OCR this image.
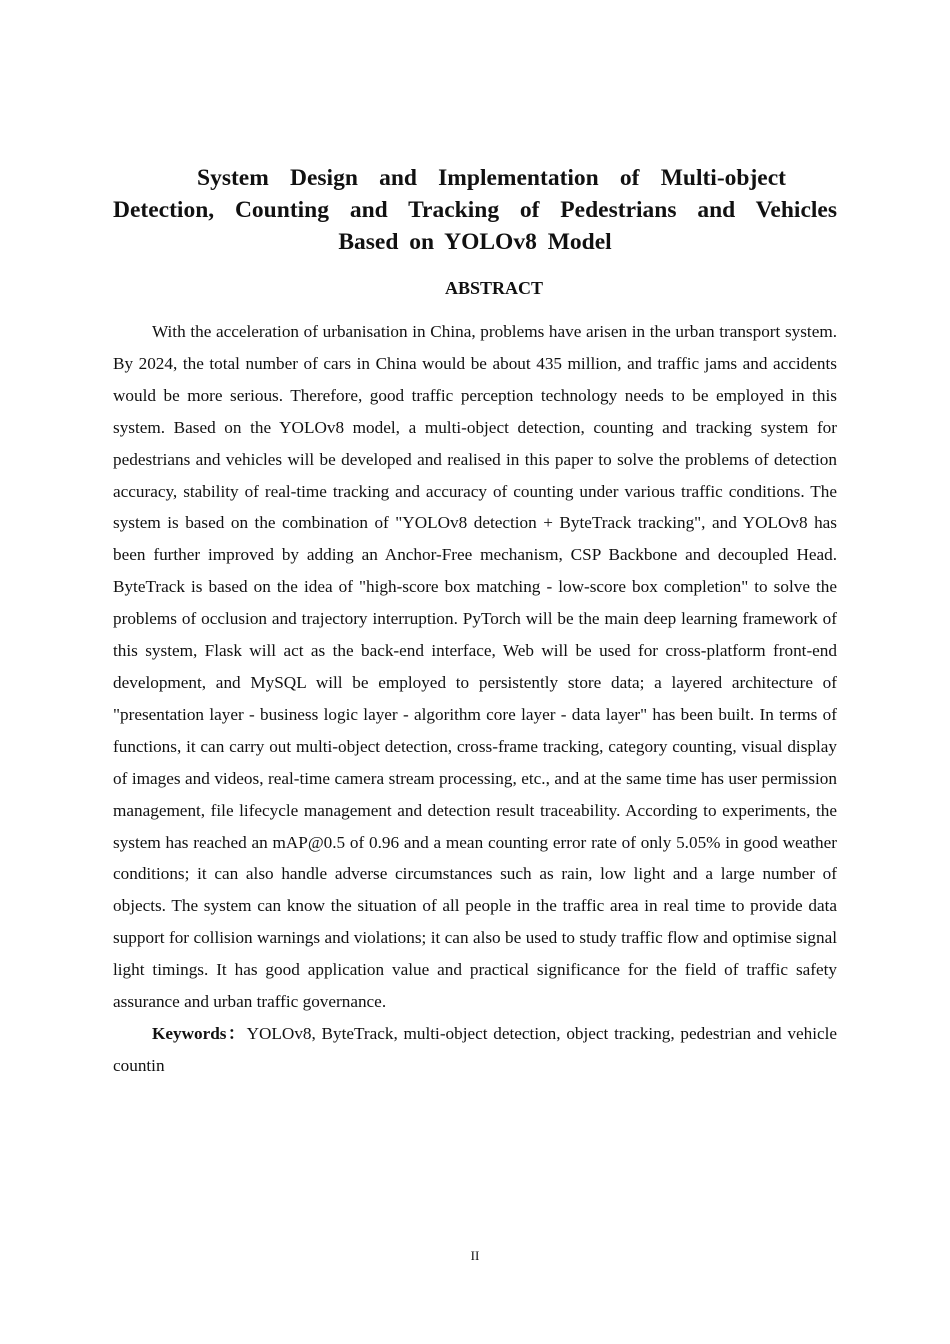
System Design and Implementation of Multi-object
Detection, Counting and Tracking of Pedestrians and Vehicles
Based on YOLOv8 Model
ABSTRACT

With the acceleration of urbanisation in China, problems have arisen in the urban transport system. By 2024, the total number of cars in China would be about 435 million, and traffic jams and accidents would be more serious. Therefore, good traffic perception technology needs to be employed in this system. Based on the YOLOv8 model, a multi-object detection, counting and tracking system for pedestrians and vehicles will be developed and realised in this paper to solve the problems of detection accuracy, stability of real-time tracking and accuracy of counting under various traffic conditions. The system is based on the combination of "YOLOv8 detection + ByteTrack tracking", and YOLOv8 has been further improved by adding an Anchor-Free mechanism, CSP Backbone and decoupled Head. ByteTrack is based on the idea of "high-score box matching - low-score box completion" to solve the problems of occlusion and trajectory interruption. PyTorch will be the main deep learning framework of this system, Flask will act as the back-end interface, Web will be used for cross-platform front-end development, and MySQL will be employed to persistently store data; a layered architecture of "presentation layer - business logic layer - algorithm core layer - data layer" has been built. In terms of functions, it can carry out multi-object detection, cross-frame tracking, category counting, visual display of images and videos, real-time camera stream processing, etc., and at the same time has user permission management, file lifecycle management and detection result traceability. According to experiments, the system has reached an mAP@0.5 of 0.96 and a mean counting error rate of only 5.05% in good weather conditions; it can also handle adverse circumstances such as rain, low light and a large number of objects. The system can know the situation of all people in the traffic area in real time to provide data support for collision warnings and violations; it can also be used to study traffic flow and optimise signal light timings. It has good application value and practical significance for the field of traffic safety assurance and urban traffic governance.

Keywords：YOLOv8, ByteTrack, multi-object detection, object tracking, pedestrian and vehicle countin

II
